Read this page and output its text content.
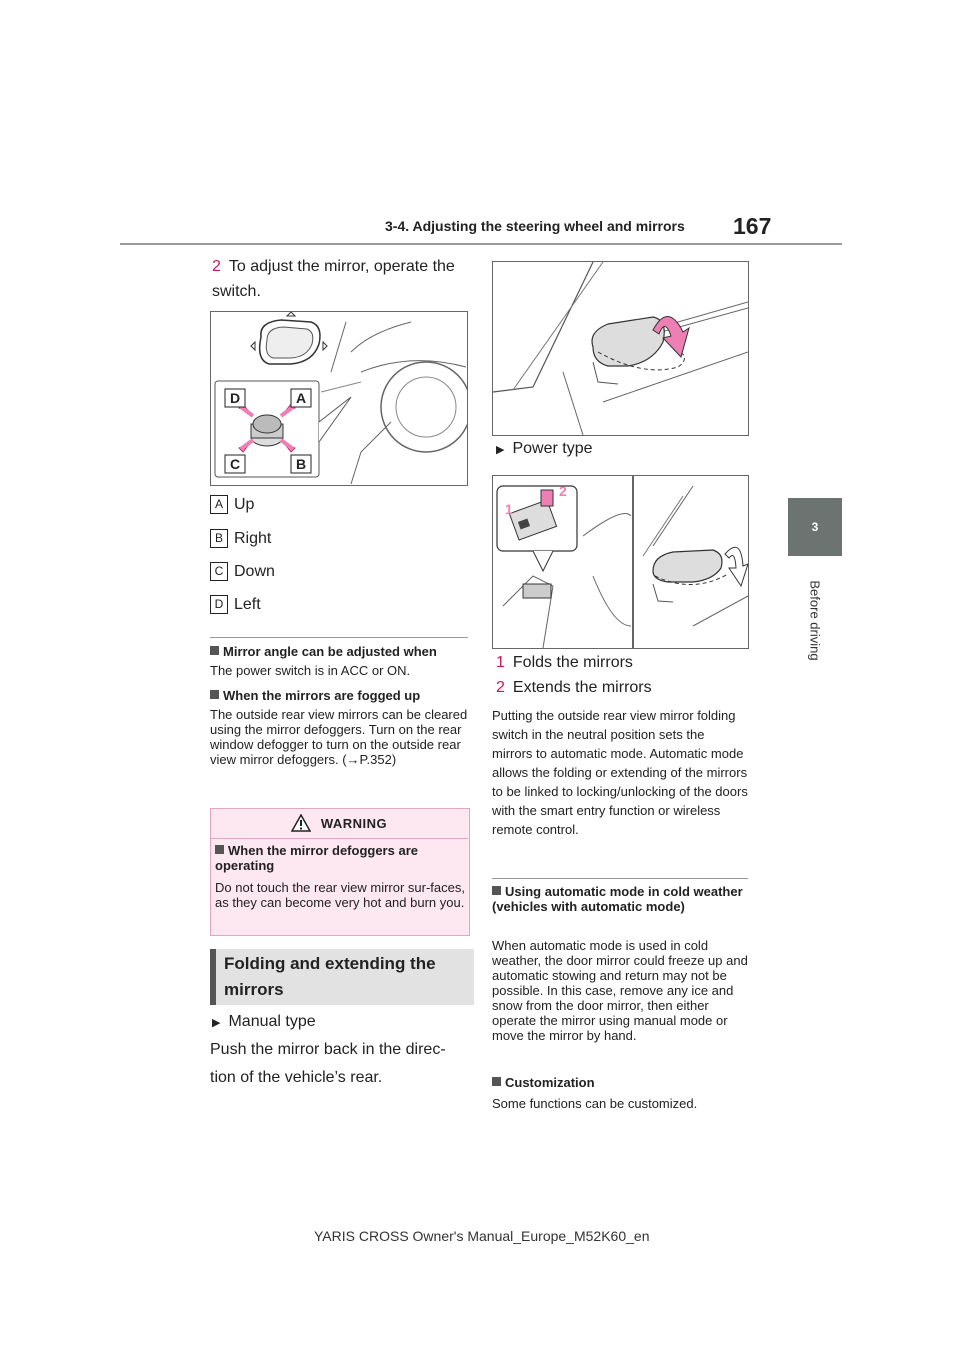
3-4. Adjusting the steering wheel and mirrors 167
3
Before driving
2 To adjust the mirror, operate the switch.
D	A
C	B
A Up
B Right
C Down
D Left
Mirror angle can be adjusted when
The power switch is in ACC or ON.
When the mirrors are fogged up
The outside rear view mirrors can be cleared using the mirror defoggers. Turn on the rear window defogger to turn on the outside rear view mirror defoggers. (→P.352)
WARNING
When the mirror defoggers are operating
Do not touch the rear view mirror sur-faces, as they can become very hot and burn you.
Folding and extending the mirrors
▶ Manual type
Push the mirror back in the direc-tion of the vehicle’s rear.
▶ Power type
1
2
1 Folds the mirrors
2 Extends the mirrors
Putting the outside rear view mirror folding switch in the neutral position sets the mirrors to automatic mode. Automatic mode allows the folding or extending of the mirrors to be linked to locking/unlocking of the doors with the smart entry function or wireless remote control.
Using automatic mode in cold weather (vehicles with automatic mode)
When automatic mode is used in cold weather, the door mirror could freeze up and automatic stowing and return may not be possible. In this case, remove any ice and snow from the door mirror, then either operate the mirror using manual mode or move the mirror by hand.
Customization
Some functions can be customized.
YARIS CROSS Owner's Manual_Europe_M52K60_en
